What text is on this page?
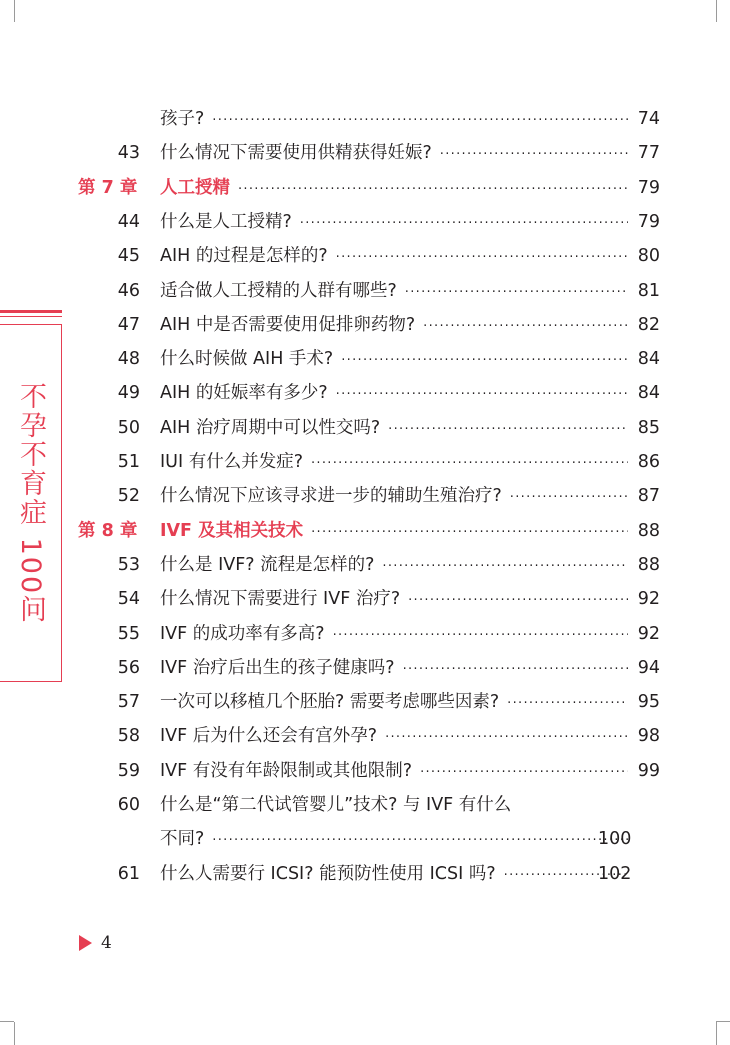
不孕不育症 100问
孩子? ·····	74
43 什么情况下需要使用供精获得妊娠? ·····	77
第 7 章	人工授精 ·····	79
44 什么是人工授精? ·····	79
45 AIH 的过程是怎样的? ·····	80
46 适合做人工授精的人群有哪些? ·····	81
47 AIH 中是否需要使用促排卵药物? ·····	82
48 什么时候做 AIH 手术? ·····	84
49 AIH 的妊娠率有多少? ·····	84
50 AIH 治疗周期中可以性交吗? ·····	85
51 IUI 有什么并发症? ·····	86
52 什么情况下应该寻求进一步的辅助生殖治疗? ·····	87
第 8 章	IVF 及其相关技术 ·····	88
53 什么是 IVF? 流程是怎样的? ·····	88
54 什么情况下需要进行 IVF 治疗? ·····	92
55 IVF 的成功率有多高? ·····	92
56 IVF 治疗后出生的孩子健康吗? ·····	94
57 一次可以移植几个胚胎? 需要考虑哪些因素? ·····	95
58 IVF 后为什么还会有宫外孕? ·····	98
59 IVF 有没有年龄限制或其他限制? ·····	99
60 什么是“第二代试管婴儿”技术? 与 IVF 有什么
不同? ·····	100
61 什么人需要行 ICSI? 能预防性使用 ICSI 吗? ·····	102
4
